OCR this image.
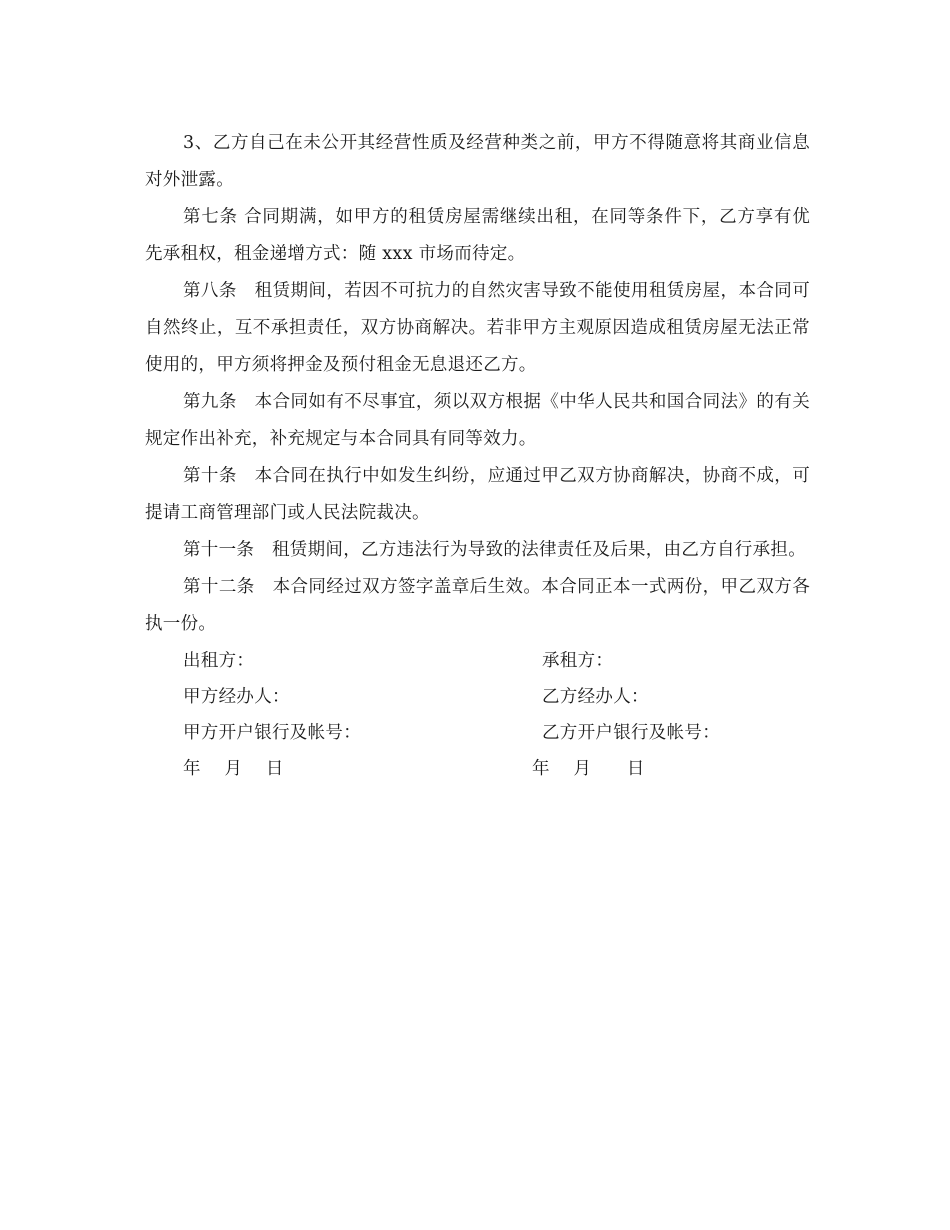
3、乙方自己在未公开其经营性质及经营种类之前，甲方不得随意将其商业信息对外泄露。

第七条 合同期满，如甲方的租赁房屋需继续出租，在同等条件下，乙方享有优先承租权，租金递增方式：随 xxx 市场而待定。

第八条　租赁期间，若因不可抗力的自然灾害导致不能使用租赁房屋，本合同可自然终止，互不承担责任，双方协商解决。若非甲方主观原因造成租赁房屋无法正常使用的，甲方须将押金及预付租金无息退还乙方。

第九条　本合同如有不尽事宜，须以双方根据《中华人民共和国合同法》的有关规定作出补充，补充规定与本合同具有同等效力。

第十条　本合同在执行中如发生纠纷，应通过甲乙双方协商解决，协商不成，可提请工商管理部门或人民法院裁决。

第十一条　租赁期间，乙方违法行为导致的法律责任及后果，由乙方自行承担。

第十二条　本合同经过双方签字盖章后生效。本合同正本一式两份，甲乙双方各执一份。

出租方：	承租方：
甲方经办人：	乙方经办人：
甲方开户银行及帐号：	乙方开户银行及帐号：
年　 月　 日	年　 月　　日
